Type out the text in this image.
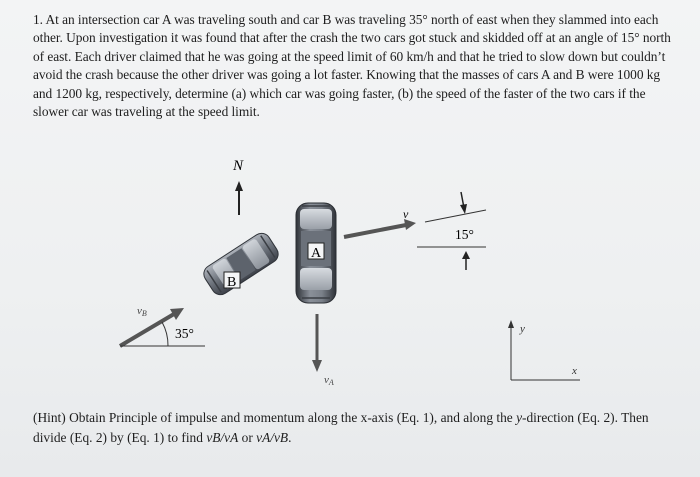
1. At an intersection car A was traveling south and car B was traveling 35° north of east when they slammed into each other. Upon investigation it was found that after the crash the two cars got stuck and skidded off at an angle of 15° north of east. Each driver claimed that he was going at the speed limit of 60 km/h and that he tried to slow down but couldn’t avoid the crash because the other driver was going a lot faster. Knowing that the masses of cars A and B were 1000 kg and 1200 kg, respectively, determine (a) which car was going faster, (b) the speed of the faster of the two cars if the slower car was traveling at the speed limit.
N
B
A
v
15°
vB
35°
vA
y
x
(Hint) Obtain Principle of impulse and momentum along the x-axis (Eq. 1), and along the y-direction (Eq. 2). Then divide (Eq. 2) by (Eq. 1) to find vB/vA or vA/vB.
